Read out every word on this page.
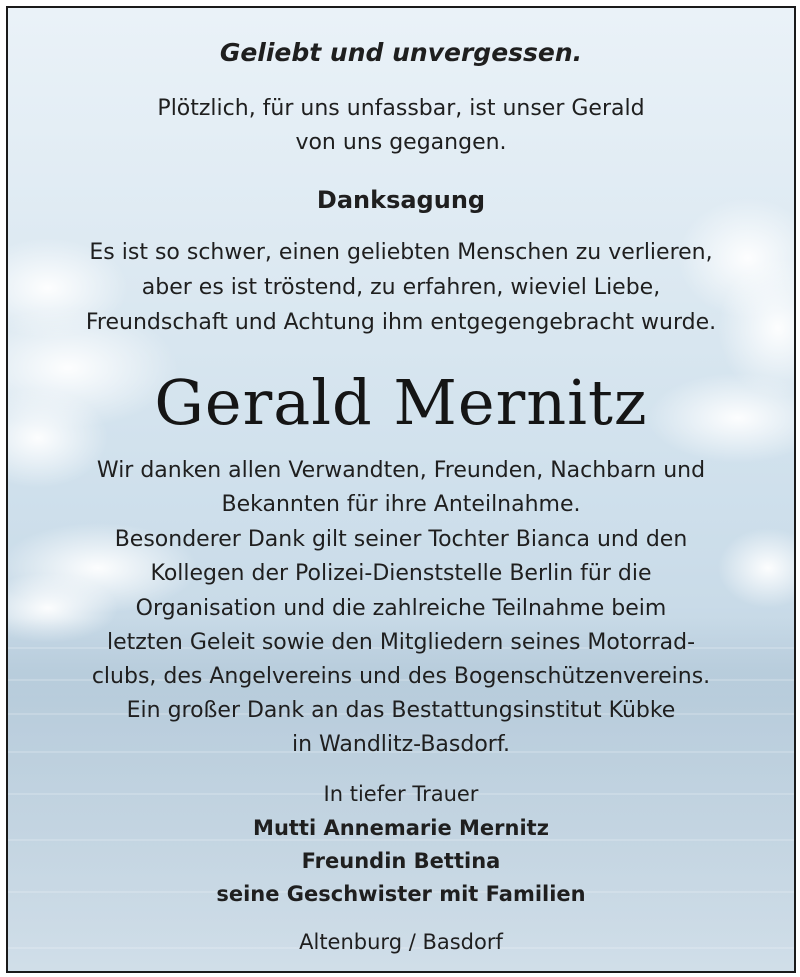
Geliebt und unvergessen.
Plötzlich, für uns unfassbar, ist unser Gerald
von uns gegangen.
Danksagung
Es ist so schwer, einen geliebten Menschen zu verlieren,
aber es ist tröstend, zu erfahren, wieviel Liebe,
Freundschaft und Achtung ihm entgegengebracht wurde.
Gerald Mernitz
Wir danken allen Verwandten, Freunden, Nachbarn und
Bekannten für ihre Anteilnahme.
Besonderer Dank gilt seiner Tochter Bianca und den
Kollegen der Polizei-Dienststelle Berlin für die
Organisation und die zahlreiche Teilnahme beim
letzten Geleit sowie den Mitgliedern seines Motorrad-
clubs, des Angelvereins und des Bogenschützenvereins.
Ein großer Dank an das Bestattungsinstitut Kübke
in Wandlitz-Basdorf.
In tiefer Trauer
Mutti Annemarie Mernitz
Freundin Bettina
seine Geschwister mit Familien
Altenburg / Basdorf
